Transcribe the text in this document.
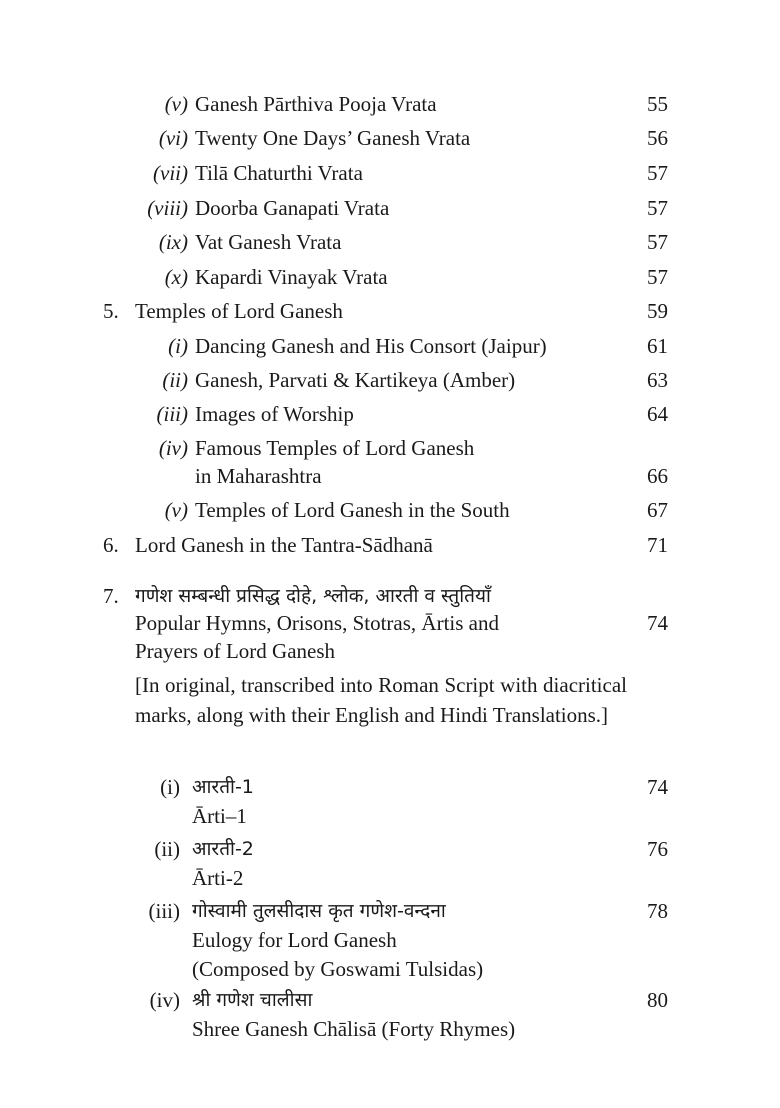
(v) Ganesh Pārthiva Pooja Vrata	55
(vi) Twenty One Days’ Ganesh Vrata	56
(vii) Tilā Chaturthi Vrata	57
(viii) Doorba Ganapati Vrata	57
(ix) Vat Ganesh Vrata	57
(x) Kapardi Vinayak Vrata	57
5. Temples of Lord Ganesh	59
(i) Dancing Ganesh and His Consort (Jaipur)	61
(ii) Ganesh, Parvati & Kartikeya (Amber)	63
(iii) Images of Worship	64
(iv) Famous Temples of Lord Ganesh
in Maharashtra	66
(v) Temples of Lord Ganesh in the South	67
6. Lord Ganesh in the Tantra-Sādhanā	71
7. गणेश सम्बन्धी प्रसिद्ध दोहे, श्लोक, आरती व स्तुतियाँ
Popular Hymns, Orisons, Stotras, Ārtis and	74
Prayers of Lord Ganesh
[In original, transcribed into Roman Script with diacritical marks, along with their English and Hindi Translations.]
(i) आरती-1	74
Ārti–1
(ii) आरती-2	76
Ārti-2
(iii) गोस्वामी तुलसीदास कृत गणेश-वन्दना	78
Eulogy for Lord Ganesh
(Composed by Goswami Tulsidas)
(iv) श्री गणेश चालीसा	80
Shree Ganesh Chālisā (Forty Rhymes)
